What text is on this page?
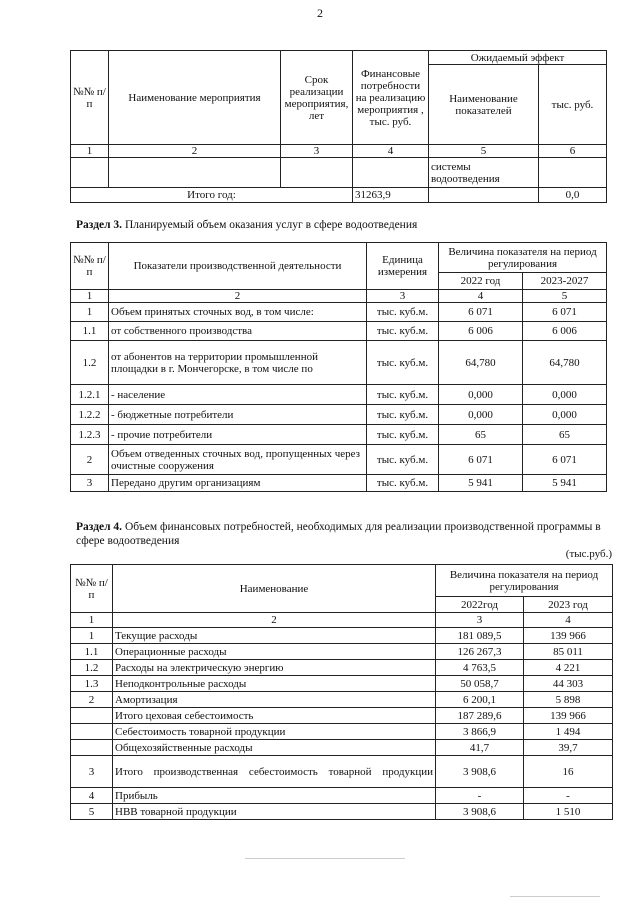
2
№№ п/п	Наименование мероприятия	Срок реализации мероприятия, лет	Финансовые потребности на реализацию мероприятия , тыс. руб.	Ожидаемый эффект	
				Наименование показателей	тыс. руб.
1	2	3	4	5	6
				системы водоотведения	
Итого год:			31263,9		0,0
Раздел 3. Планируемый объем оказания услуг в сфере водоотведения
№№ п/п	Показатели производственной деятельности	Единица измерения	Величина показателя на период регулирования	
			2022 год	2023-2027
1	2	3	4	5
1	Объем принятых сточных вод, в том числе:	тыс. куб.м.	6 071	6 071
1.1	от собственного производства	тыс. куб.м.	6 006	6 006
1.2	от абонентов на территории промышленной площадки в г. Мончегорске, в том числе по	тыс. куб.м.	64,780	64,780
1.2.1	- население	тыс. куб.м.	0,000	0,000
1.2.2	- бюджетные потребители	тыс. куб.м.	0,000	0,000
1.2.3	- прочие потребители	тыс. куб.м.	65	65
2	Объем отведенных сточных вод, пропущенных через очистные сооружения	тыс. куб.м.	6 071	6 071
3	Передано другим организациям	тыс. куб.м.	5 941	5 941
Раздел 4. Объем финансовых потребностей, необходимых для реализации производственной программы в сфере водоотведения
(тыс.руб.)
№№ п/п	Наименование	Величина показателя на период регулирования	
		2022год	2023 год
1	2	3	4
1	Текущие расходы	181 089,5	139 966
1.1	Операционные расходы	126 267,3	85 011
1.2	Расходы на электрическую энергию	4 763,5	4 221
1.3	Неподконтрольные расходы	50 058,7	44 303
2	Амортизация	6 200,1	5 898
	Итого цеховая себестоимость	187 289,6	139 966
	Себестоимость товарной продукции	3 866,9	1 494
	Общехозяйственные расходы	41,7	39,7
3	Итого производственная себестоимость товарной продукции	3 908,6	16
4	Прибыль	-	-
5	НВВ товарной продукции	3 908,6	1 510
